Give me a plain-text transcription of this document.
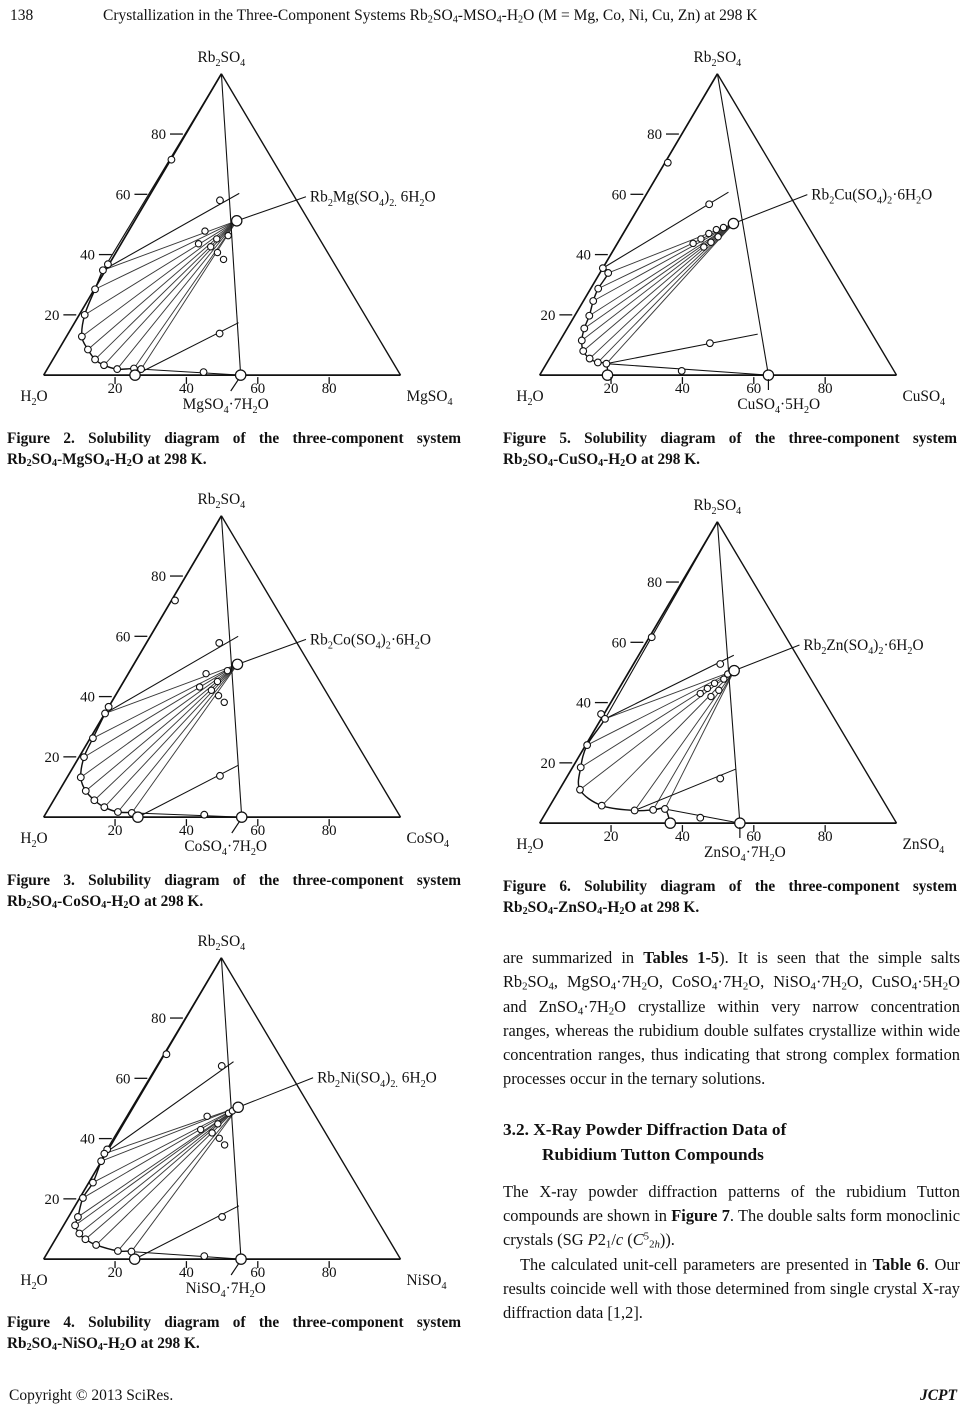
138	Crystallization in the Three-Component Systems $Rb_2SO_4-MSO_4-H_2O$ (M = Mg, Co, Ni, Cu, Zn) at 298 K
20
40
60
80
20	40	60	80
$Rb_2SO_4$
$H_2O$	MgSO$_4$
$MgSO_4\cdot 7H_2O$
$Rb_2Mg(SO_4)_{2.}$ $6H_2O$
Figure 2. Solubility diagram of the three-component system
$Rb_2SO_4-MgSO_4-H_2O$ at 298 K.
20
40
60
80
20	40	60	80
$Rb_2SO_4$
$H_2O$	CoSO$_4$
$CoSO_4\cdot 7H_2O$
$Rb_2Co(SO_4)_2\cdot 6H_2O$
Figure 3. Solubility diagram of the three-component system
$Rb_2SO_4-CoSO_4-H_2O$ at 298 K.
20
40
60
80
20	40	60	80
$Rb_2SO_4$
$H_2O$	NiSO$_4$
$NiSO_4\cdot 7H_2O$
$Rb_2Ni(SO_4)_{2.}$ $6H_2O$
Figure 4. Solubility diagram of the three-component system
$Rb_2SO_4-NiSO_4-H_2O$ at 298 K.
20
40
60
80
20	40	60	80
$Rb_2SO_4$
$H_2O$	CuSO$_4$
$CuSO_4\cdot 5H_2O$
$Rb_2Cu(SO_4)_2\cdot 6H_2O$
Figure 5. Solubility diagram of the three-component system
$Rb_2SO_4-CuSO_4-H_2O$ at 298 K.
20
40
60
80
20	40	60	80
$Rb_2SO_4$
$H_2O$	ZnSO$_4$
$ZnSO_4\cdot 7H_2O$
$Rb_2Zn(SO_4)_2\cdot 6H_2O$
Figure 6. Solubility diagram of the three-component system
$Rb_2SO_4-ZnSO_4-H_2O$ at 298 K.

are summarized in Tables 1-5). It is seen that the simple salts $Rb_2SO_4$, $MgSO_4\cdot 7H_2O$, $CoSO_4\cdot 7H_2O$, $NiSO_4\cdot 7H_2O$, $CuSO_4\cdot 5H_2O$ and $ZnSO_4\cdot 7H_2O$ crystallize within very narrow concentration ranges, whereas the rubidium double sulfates crystallize within wide concentration ranges, thus indicating that strong complex formation processes occur in the ternary solutions.

3.2. X-Ray Powder Diffraction Data of
Rubidium Tutton Compounds

The X-ray powder diffraction patterns of the rubidium Tutton compounds are shown in Figure 7. The double salts form monoclinic crystals (SG $P2_1/c$ $(C^5_{2h})$).

The calculated unit-cell parameters are presented in Table 6. Our results coincide well with those determined from single crystal X-ray diffraction data [1,2].

Copyright © 2013 SciRes.	JCPT
